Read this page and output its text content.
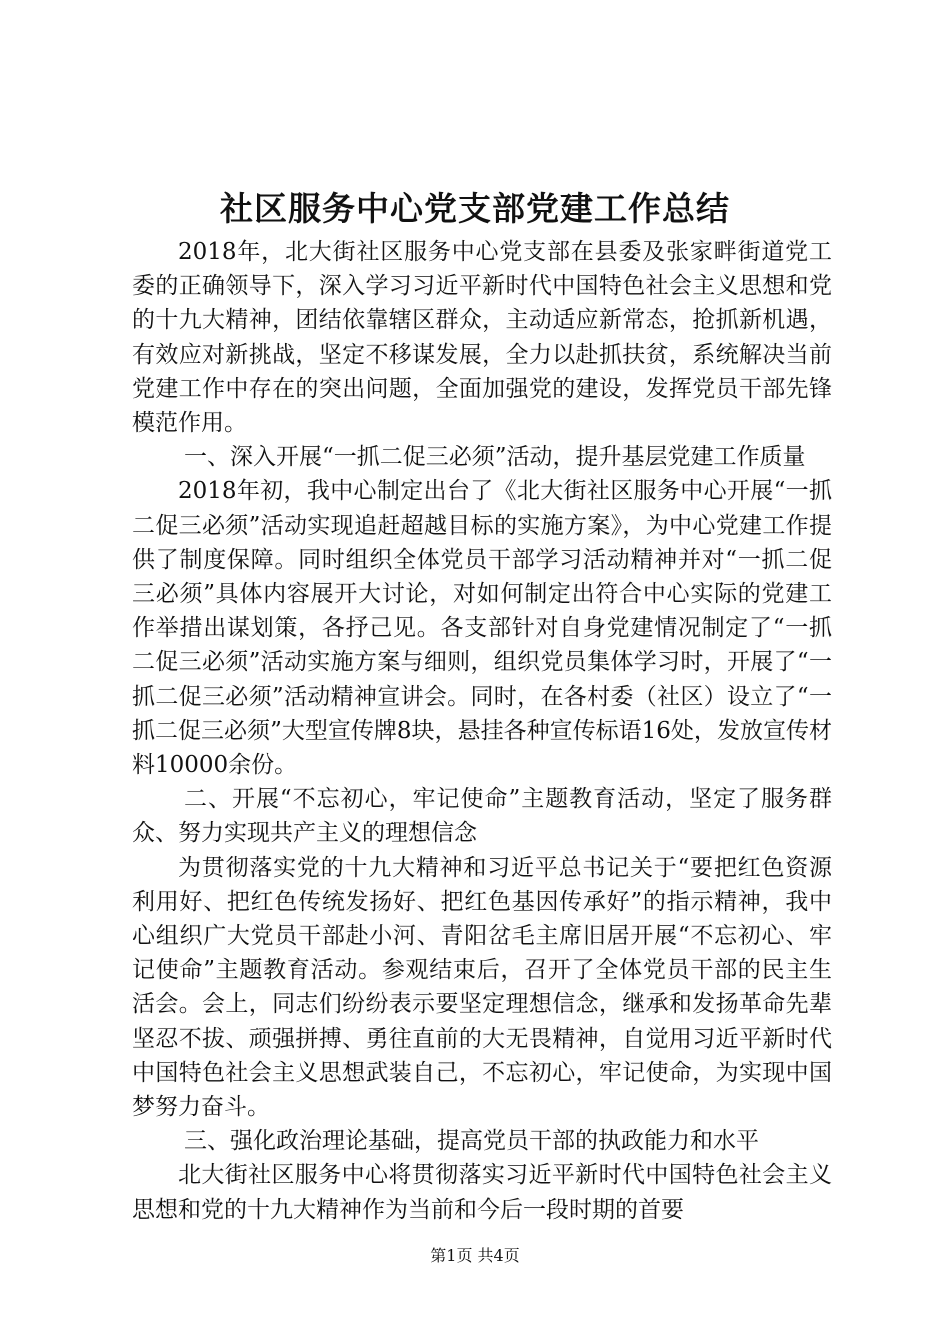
社区服务中心党支部党建工作总结

2018年，北大街社区服务中心党支部在县委及张家畔街道党工委的正确领导下，深入学习习近平新时代中国特色社会主义思想和党的十九大精神，团结依靠辖区群众，主动适应新常态，抢抓新机遇，有效应对新挑战，坚定不移谋发展，全力以赴抓扶贫，系统解决当前党建工作中存在的突出问题，全面加强党的建设，发挥党员干部先锋模范作用。

一、深入开展“一抓二促三必须”活动，提升基层党建工作质量

2018年初，我中心制定出台了《北大街社区服务中心开展“一抓二促三必须”活动实现追赶超越目标的实施方案》，为中心党建工作提供了制度保障。同时组织全体党员干部学习活动精神并对“一抓二促三必须”具体内容展开大讨论，对如何制定出符合中心实际的党建工作举措出谋划策，各抒己见。各支部针对自身党建情况制定了“一抓二促三必须”活动实施方案与细则，组织党员集体学习时，开展了“一抓二促三必须”活动精神宣讲会。同时，在各村委（社区）设立了“一抓二促三必须”大型宣传牌8块，悬挂各种宣传标语16处，发放宣传材料10000余份。

二、开展“不忘初心，牢记使命”主题教育活动，坚定了服务群众、努力实现共产主义的理想信念

为贯彻落实党的十九大精神和习近平总书记关于“要把红色资源利用好、把红色传统发扬好、把红色基因传承好”的指示精神，我中心组织广大党员干部赴小河、青阳岔毛主席旧居开展“不忘初心、牢记使命”主题教育活动。参观结束后，召开了全体党员干部的民主生活会。会上，同志们纷纷表示要坚定理想信念，继承和发扬革命先辈坚忍不拔、顽强拼搏、勇往直前的大无畏精神，自觉用习近平新时代中国特色社会主义思想武装自己，不忘初心，牢记使命，为实现中国梦努力奋斗。

三、强化政治理论基础，提高党员干部的执政能力和水平

北大街社区服务中心将贯彻落实习近平新时代中国特色社会主义思想和党的十九大精神作为当前和今后一段时期的首要

第1页 共4页
